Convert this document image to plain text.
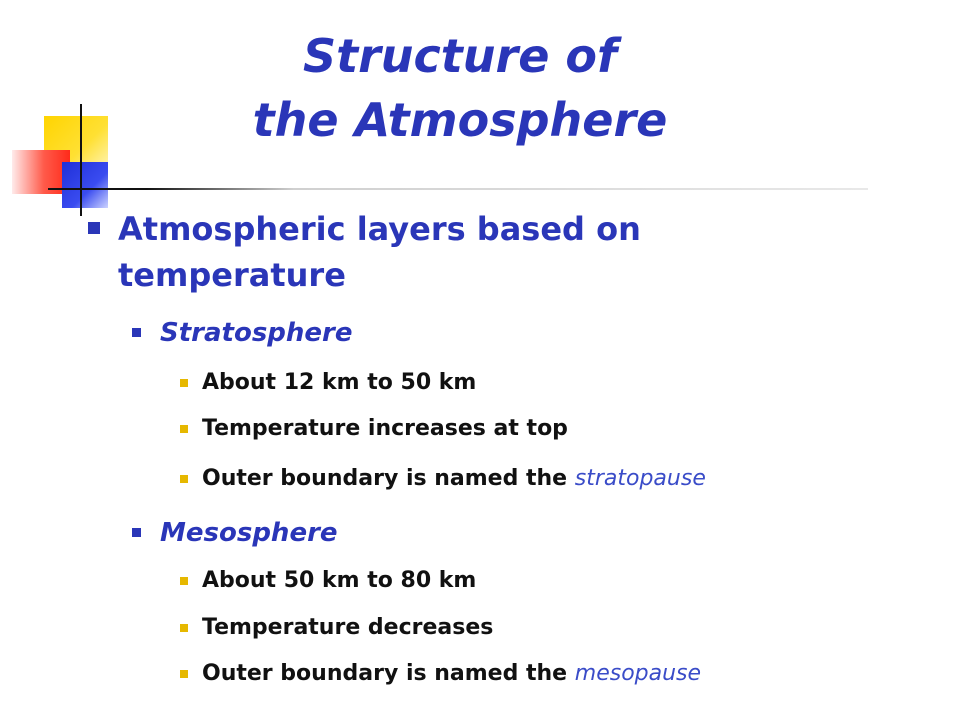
Structure of
the Atmosphere
Atmospheric layers based on temperature
Stratosphere
About 12 km to 50 km
Temperature increases at top
Outer boundary is named the stratopause
Mesosphere
About 50 km to 80 km
Temperature decreases
Outer boundary is named the mesopause
